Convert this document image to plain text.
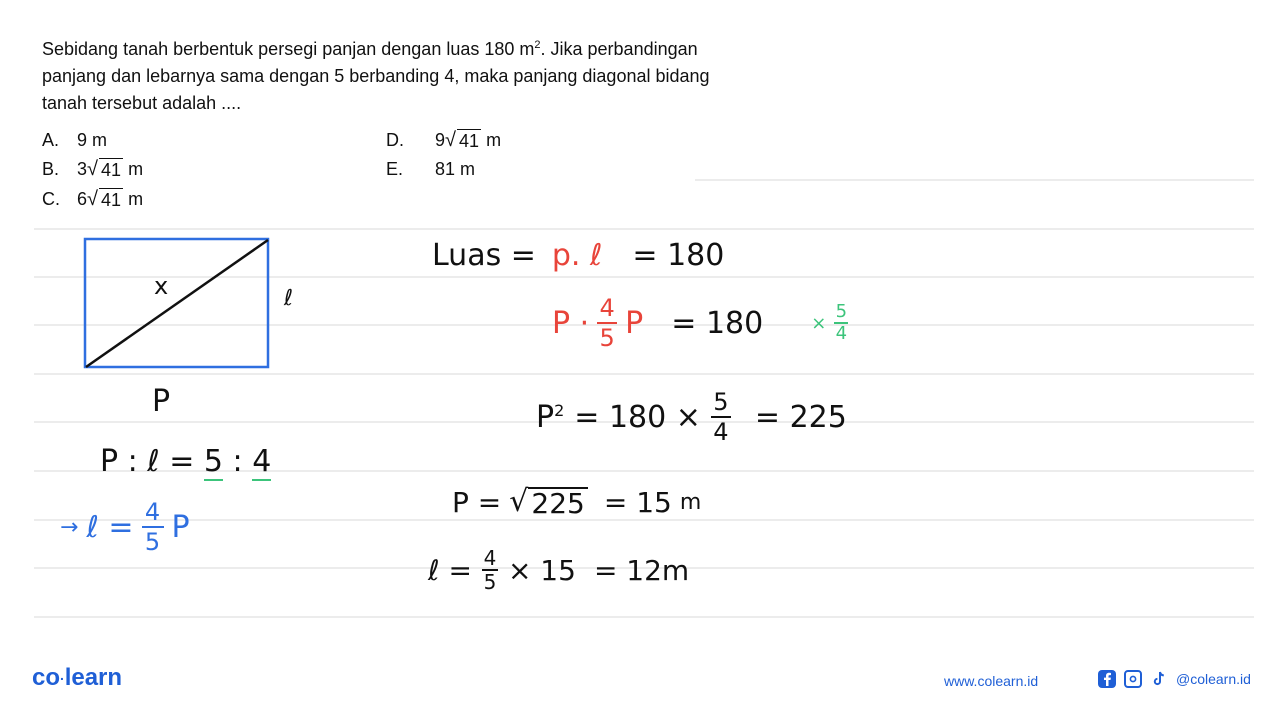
Sebidang tanah berbentuk persegi panjan dengan luas 180 $m^2$. Jika perbandingan panjang dan lebarnya sama dengan 5 berbanding 4, maka panjang diagonal bidang tanah tersebut adalah ....
A. 9 m
B. 3 √ 41 m
C. 6 √ 41 m
D. 9 √ 41 m
E. 81 m
x	ℓ
P
P : ℓ = 5 : 4
→ ℓ = $\frac{4}{5}$ P
Luas = p. ℓ = 180
$P \cdot \frac{4}{5}$ P = 180	× $\frac{5}{4}$
$P^2 = 180 \times \frac{5}{4} = 225$
P = √ 225 = 15 m
ℓ = $\frac{4}{5} \times 15 = 12m$
co·learn	www.colearn.id	@colearn.id
